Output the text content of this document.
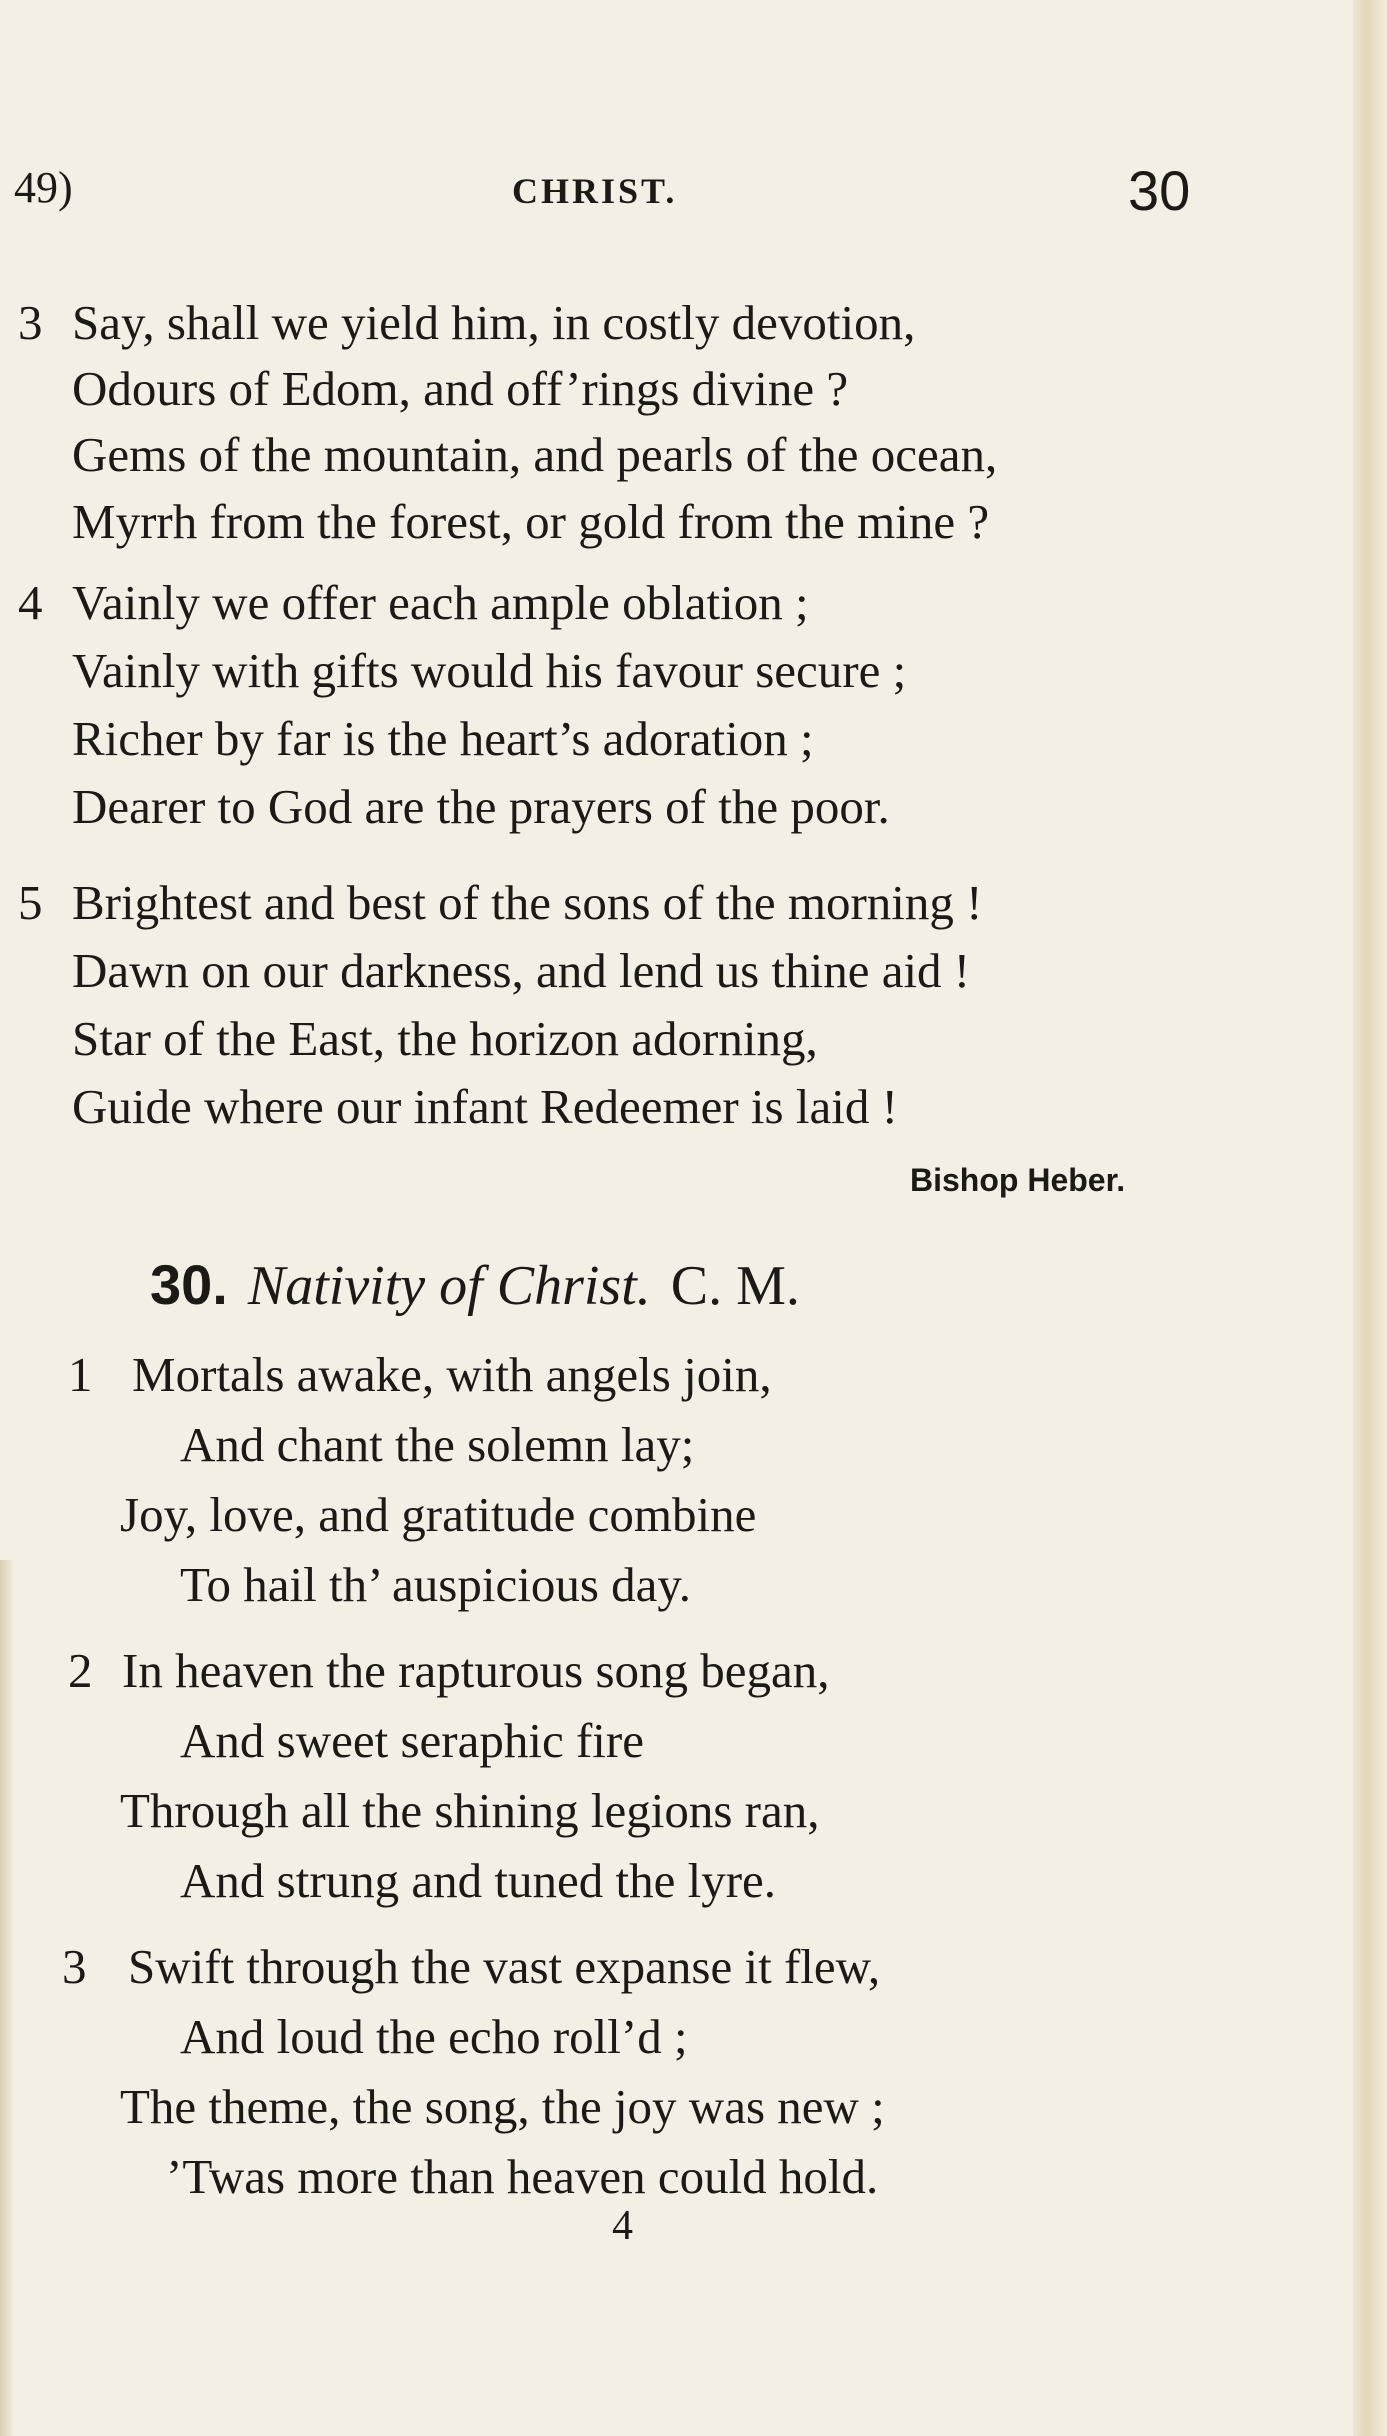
49)	CHRIST.	30
3 Say, shall we yield him, in costly devotion,
Odours of Edom, and off’rings divine ?
Gems of the mountain, and pearls of the ocean,
Myrrh from the forest, or gold from the mine ?
4 Vainly we offer each ample oblation ;
Vainly with gifts would his favour secure ;
Richer by far is the heart’s adoration ;
Dearer to God are the prayers of the poor.
5 Brightest and best of the sons of the morning !
Dawn on our darkness, and lend us thine aid !
Star of the East, the horizon adorning,
Guide where our infant Redeemer is laid !
Bishop Heber.
30. Nativity of Christ. C. M.
1 Mortals awake, with angels join,
And chant the solemn lay;
Joy, love, and gratitude combine
To hail th’ auspicious day.
2 In heaven the rapturous song began,
And sweet seraphic fire
Through all the shining legions ran,
And strung and tuned the lyre.
3 Swift through the vast expanse it flew,
And loud the echo roll’d ;
The theme, the song, the joy was new ;
’Twas more than heaven could hold.
4
